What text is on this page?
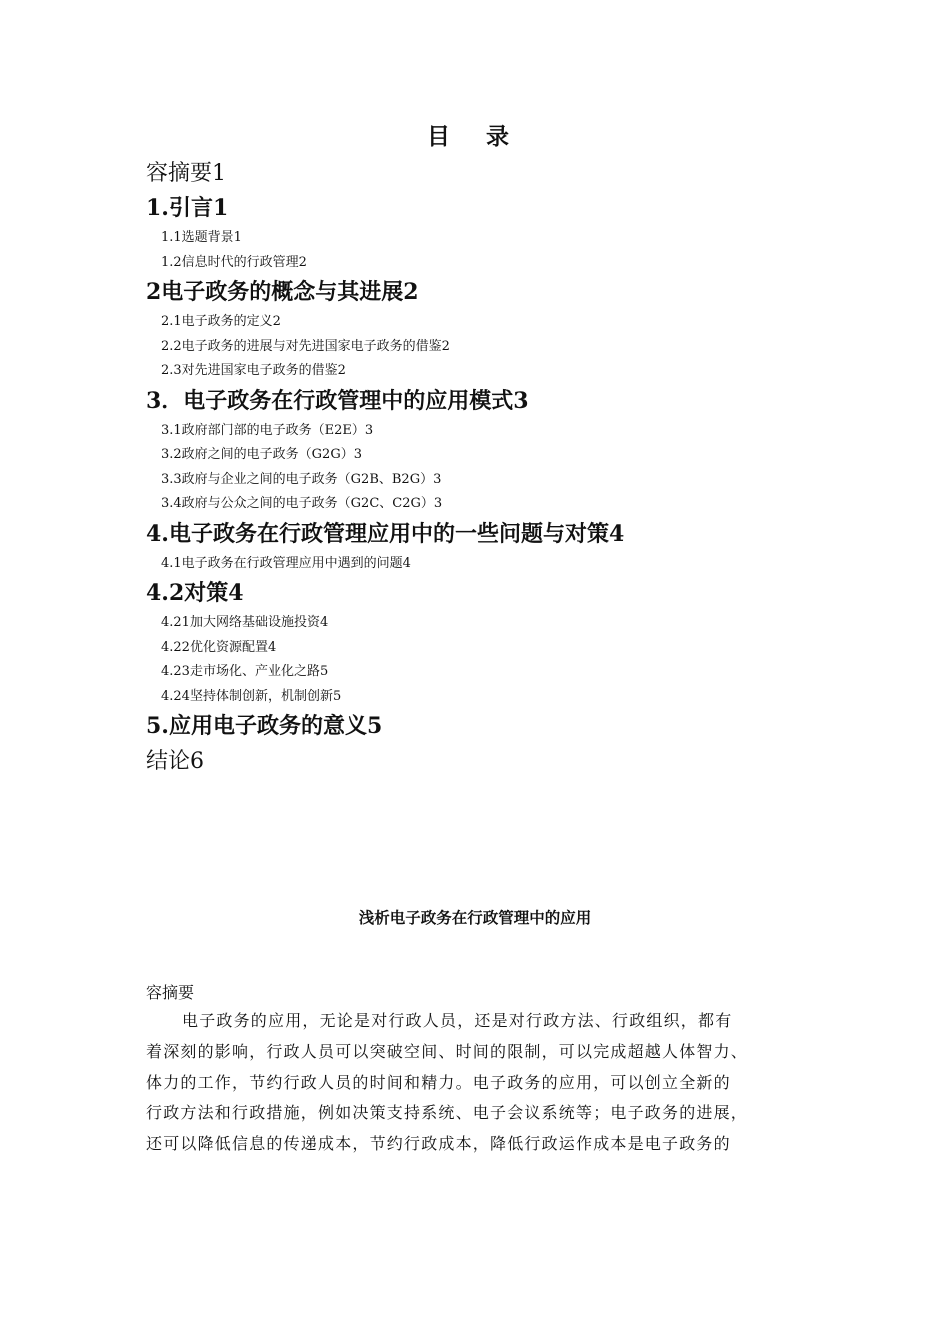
目 录
容摘要1
1.引言1
1.1选题背景1
1.2信息时代的行政管理2
2电子政务的概念与其进展2
2.1电子政务的定义2
2.2电子政务的进展与对先进国家电子政务的借鉴2
2.3对先进国家电子政务的借鉴2
3．电子政务在行政管理中的应用模式3
3.1政府部门部的电子政务（E2E）3
3.2政府之间的电子政务（G2G）3
3.3政府与企业之间的电子政务（G2B、B2G）3
3.4政府与公众之间的电子政务（G2C、C2G）3
4.电子政务在行政管理应用中的一些问题与对策4
4.1电子政务在行政管理应用中遇到的问题4
4.2对策4
4.21加大网络基础设施投资4
4.22优化资源配置4
4.23走市场化、产业化之路5
4.24坚持体制创新，机制创新5
5.应用电子政务的意义5
结论6
浅析电子政务在行政管理中的应用
容摘要
电子政务的应用，无论是对行政人员，还是对行政方法、行政组织，都有
着深刻的影响，行政人员可以突破空间、时间的限制，可以完成超越人体智力、
体力的工作，节约行政人员的时间和精力。电子政务的应用，可以创立全新的
行政方法和行政措施，例如决策支持系统、电子会议系统等；电子政务的进展，
还可以降低信息的传递成本，节约行政成本，降低行政运作成本是电子政务的
